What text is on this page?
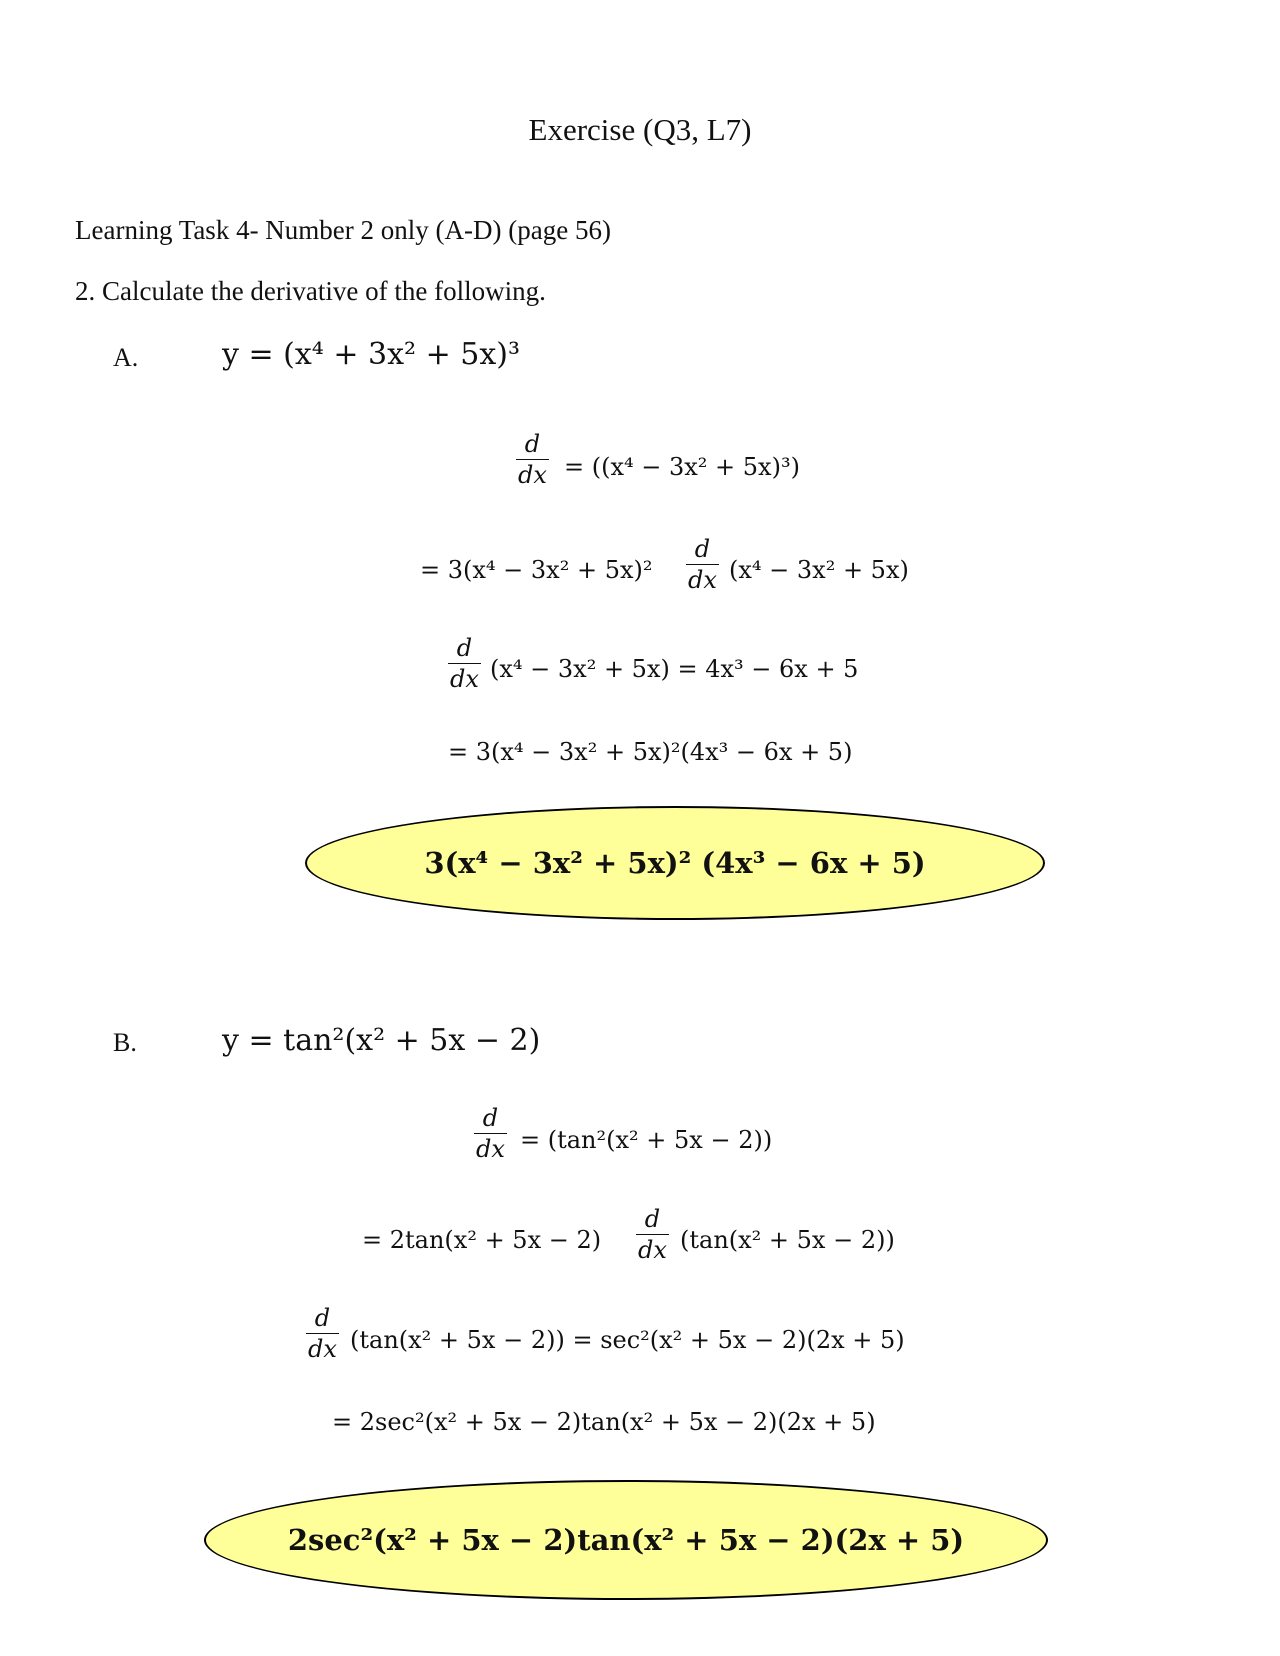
Exercise (Q3, L7)
Learning Task 4- Number 2 only (A-D) (page 56)
2. Calculate the derivative of the following.
A.	y = (x⁴ + 3x² + 5x)³
$\frac{d}{dx} = ((x^4 - 3x^2 + 5x)^3)$
= $3(x^4 - 3x^2 + 5x)^2 \frac{d}{dx} (x^4 - 3x^2 + 5x)$
$\frac{d}{dx} (x^4 - 3x^2 + 5x) = 4x^3 - 6x + 5$
= 3(x⁴ − 3x² + 5x)²(4x³ − 6x + 5)
3(x⁴ − 3x² + 5x)² (4x³ − 6x + 5)
B.	y = tan²(x² + 5x − 2)
$\frac{d}{dx} = (\tan^2(x^2 + 5x - 2))$
= $2\tan(x^2 + 5x - 2) \frac{d}{dx} (\tan(x^2 + 5x - 2))$
$\frac{d}{dx} (\tan(x^2 + 5x - 2)) = \sec^2(x^2 + 5x - 2)(2x + 5)$
= 2sec²(x² + 5x − 2)tan(x² + 5x − 2)(2x + 5)
2sec²(x² + 5x − 2)tan(x² + 5x − 2)(2x + 5)
